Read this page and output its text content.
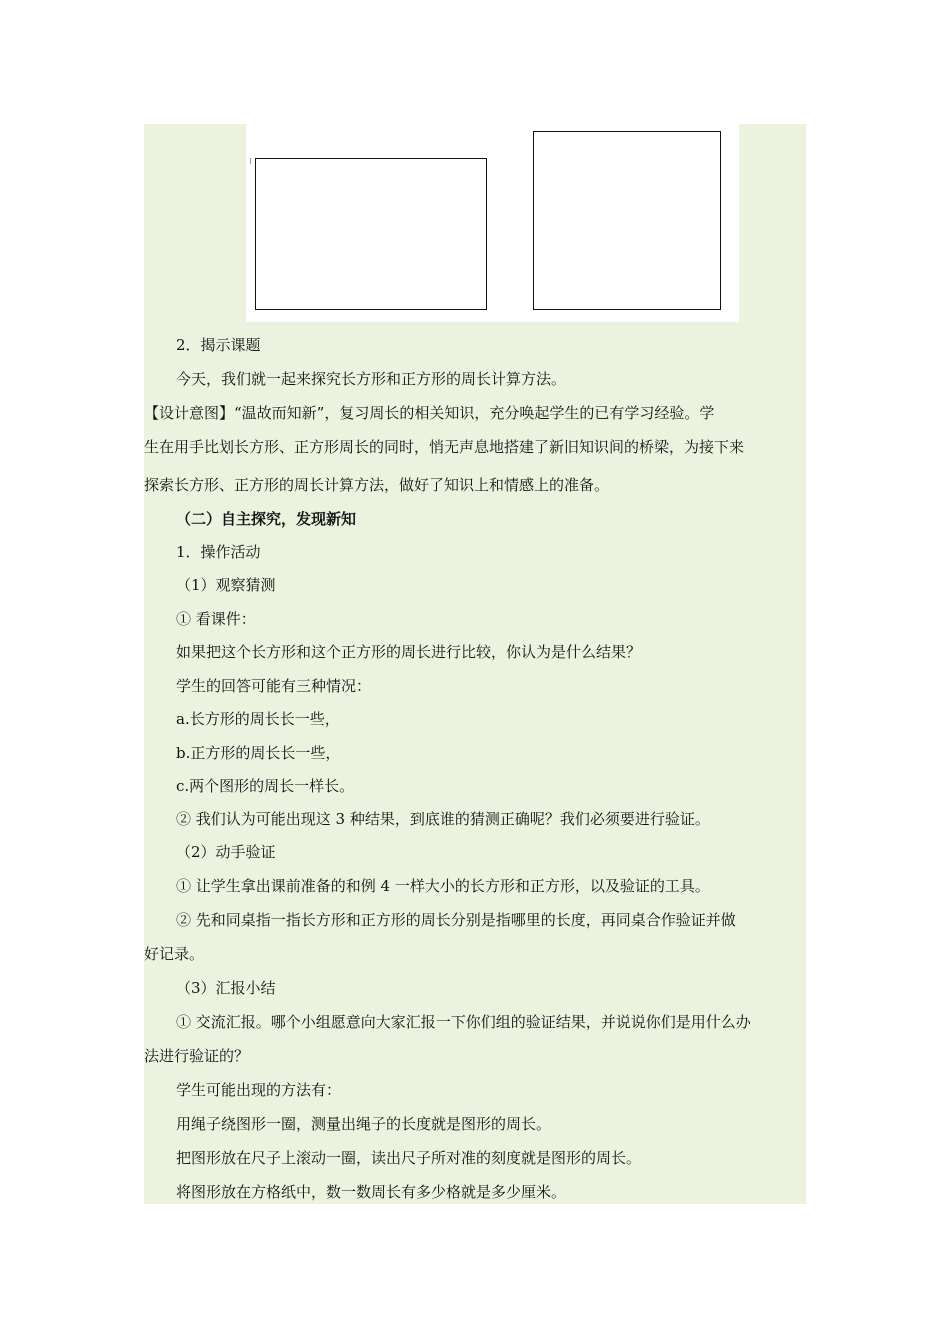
2．揭示课题
今天，我们就一起来探究长方形和正方形的周长计算方法。
【设计意图】“温故而知新”，复习周长的相关知识，充分唤起学生的已有学习经验。学
生在用手比划长方形、正方形周长的同时，悄无声息地搭建了新旧知识间的桥梁，为接下来
探索长方形、正方形的周长计算方法，做好了知识上和情感上的准备。
（二）自主探究，发现新知
1．操作活动
（1）观察猜测
① 看课件：
如果把这个长方形和这个正方形的周长进行比较，你认为是什么结果？
学生的回答可能有三种情况：
a.长方形的周长长一些，
b.正方形的周长长一些，
c.两个图形的周长一样长。
② 我们认为可能出现这 3 种结果，到底谁的猜测正确呢？我们必须要进行验证。
（2）动手验证
① 让学生拿出课前准备的和例 4 一样大小的长方形和正方形，以及验证的工具。
② 先和同桌指一指长方形和正方形的周长分别是指哪里的长度，再同桌合作验证并做
好记录。
（3）汇报小结
① 交流汇报。哪个小组愿意向大家汇报一下你们组的验证结果，并说说你们是用什么办
法进行验证的？
学生可能出现的方法有：
用绳子绕图形一圈，测量出绳子的长度就是图形的周长。
把图形放在尺子上滚动一圈，读出尺子所对准的刻度就是图形的周长。
将图形放在方格纸中，数一数周长有多少格就是多少厘米。
